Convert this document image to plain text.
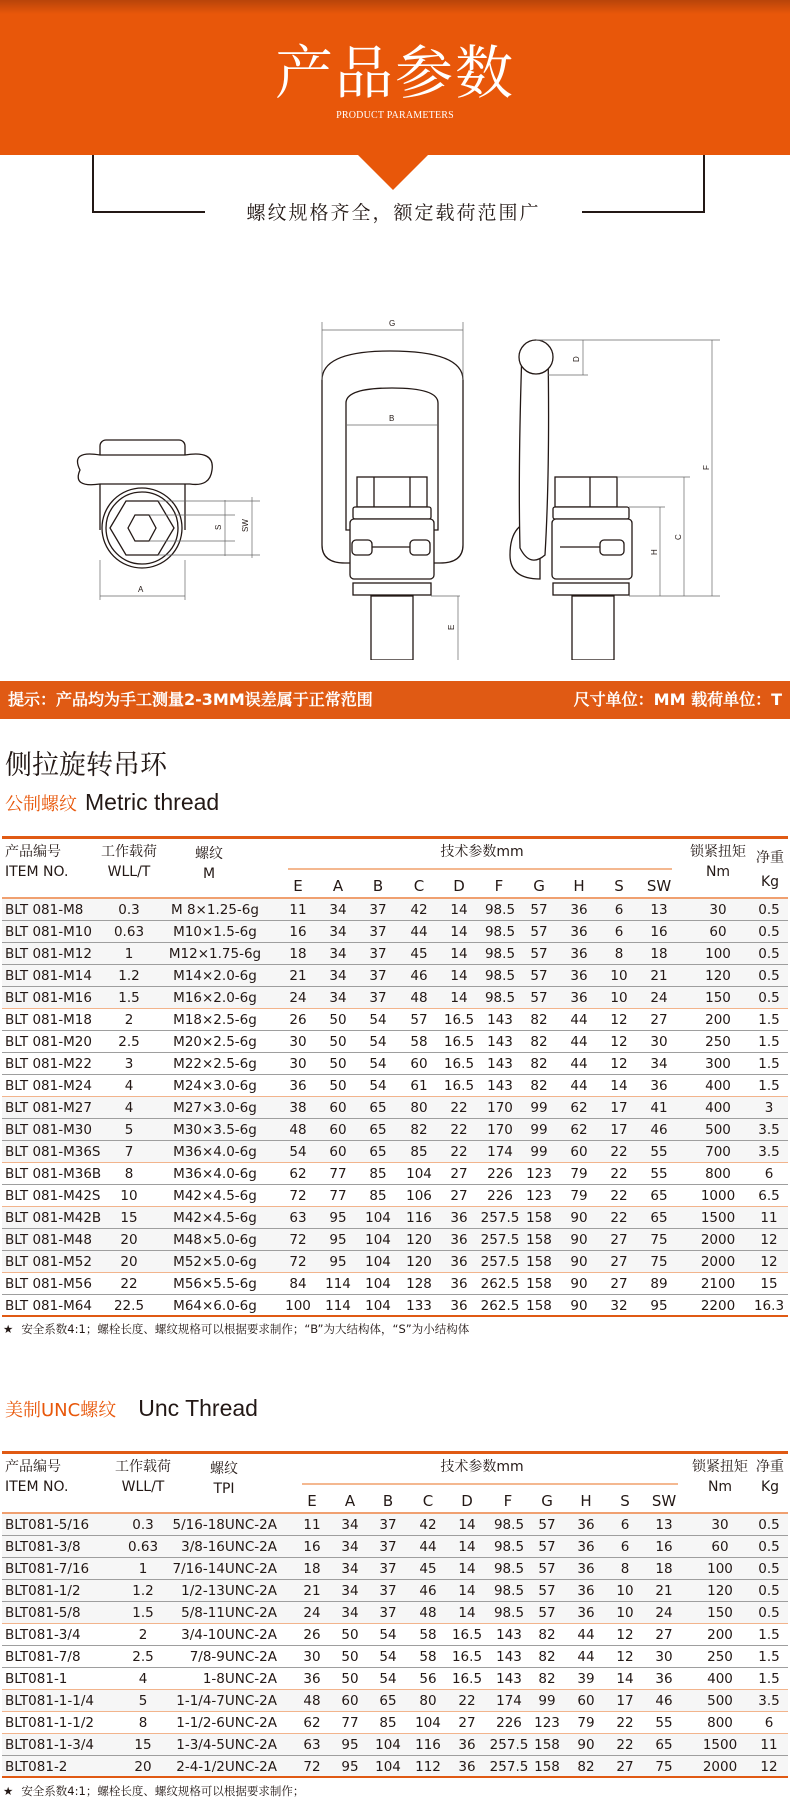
产品参数
PRODUCT PARAMETERS
螺纹规格齐全，额定载荷范围广
S SW
A
G
B
E
D
F
C
H
提示：产品均为手工测量2-3MM误差属于正常范围	尺寸单位：MM 载荷单位：T
侧拉旋转吊环
公制螺纹 Metric thread
产品编号
ITEM NO.
工作载荷
WLL/T
螺纹
M
技术参数mm
E	A	B	C	D	F	G	H	S	SW
锁紧扭矩
Nm
净重
Kg
BLT 081-M8	0.3	M 8×1.25-6g	11	34	37	42	14	98.5	57	36	6	13	30	0.5
BLT 081-M10	0.63	M10×1.5-6g	16	34	37	44	14	98.5	57	36	6	16	60	0.5
BLT 081-M12	1	M12×1.75-6g	18	34	37	45	14	98.5	57	36	8	18	100	0.5
BLT 081-M14	1.2	M14×2.0-6g	21	34	37	46	14	98.5	57	36	10	21	120	0.5
BLT 081-M16	1.5	M16×2.0-6g	24	34	37	48	14	98.5	57	36	10	24	150	0.5
BLT 081-M18	2	M18×2.5-6g	26	50	54	57	16.5 143	82	44	12	27	200	1.5
BLT 081-M20	2.5	M20×2.5-6g	30	50	54	58	16.5 143	82	44	12	30	250	1.5
BLT 081-M22	3	M22×2.5-6g	30	50	54	60	16.5 143	82	44	12	34	300	1.5
BLT 081-M24	4	M24×3.0-6g	36	50	54	61	16.5 143	82	44	14	36	400	1.5
BLT 081-M27	4	M27×3.0-6g	38	60	65	80	22	170	99	62	17	41	400	3
BLT 081-M30	5	M30×3.5-6g	48	60	65	82	22	170	99	62	17	46	500	3.5
BLT 081-M36S	7	M36×4.0-6g	54	60	65	85	22	174	99	60	22	55	700	3.5
BLT 081-M36B	8	M36×4.0-6g	62	77	85	104	27	226 123	79	22	55	800	6
BLT 081-M42S	10	M42×4.5-6g	72	77	85	106	27	226 123	79	22	65	1000	6.5
BLT 081-M42B	15	M42×4.5-6g	63	95	104	116	36 257.5 158	90	22	65	1500	11
BLT 081-M48	20	M48×5.0-6g	72	95	104	120	36 257.5 158	90	27	75	2000	12
BLT 081-M52	20	M52×5.0-6g	72	95	104	120	36 257.5 158	90	27	75	2000	12
BLT 081-M56	22	M56×5.5-6g	84	114	104	128	36 262.5 158	90	27	89	2100	15
BLT 081-M64	22.5	M64×6.0-6g	100	114	104	133	36 262.5 158	90	32	95	2200	16.3
★ 安全系数4:1；螺栓长度、螺纹规格可以根据要求制作；“B”为大结构体，“S”为小结构体
美制UNC螺纹 Unc Thread
产品编号
ITEM NO.
工作载荷
WLL/T
螺纹
TPI
技术参数mm
E	A	B	C	D	F	G	H	S	SW
锁紧扭矩
Nm
净重
Kg
BLT081-5/16	0.3	5/16-18UNC-2A	11	34	37	42	14	98.5	57	36	6	13	30	0.5
BLT081-3/8	0.63	3/8-16UNC-2A	16	34	37	44	14	98.5	57	36	6	16	60	0.5
BLT081-7/16	1	7/16-14UNC-2A	18	34	37	45	14	98.5	57	36	8	18	100	0.5
BLT081-1/2	1.2	1/2-13UNC-2A	21	34	37	46	14	98.5	57	36	10	21	120	0.5
BLT081-5/8	1.5	5/8-11UNC-2A	24	34	37	48	14	98.5	57	36	10	24	150	0.5
BLT081-3/4	2	3/4-10UNC-2A	26	50	54	58	16.5	143	82	44	12	27	200	1.5
BLT081-7/8	2.5	7/8-9UNC-2A	30	50	54	58	16.5	143	82	44	12	30	250	1.5
BLT081-1	4	1-8UNC-2A	36	50	54	56	16.5	143	82	39	14	36	400	1.5
BLT081-1-1/4	5	1-1/4-7UNC-2A	48	60	65	80	22	174	99	60	17	46	500	3.5
BLT081-1-1/2	8	1-1/2-6UNC-2A	62	77	85	104	27	226 123	79	22	55	800	6
BLT081-1-3/4	15	1-3/4-5UNC-2A	63	95	104	116	36	257.5 158	90	22	65	1500	11
BLT081-2	20	2-4-1/2UNC-2A	72	95	104	112	36	257.5 158	82	27	75	2000	12
★ 安全系数4:1；螺栓长度、螺纹规格可以根据要求制作；
